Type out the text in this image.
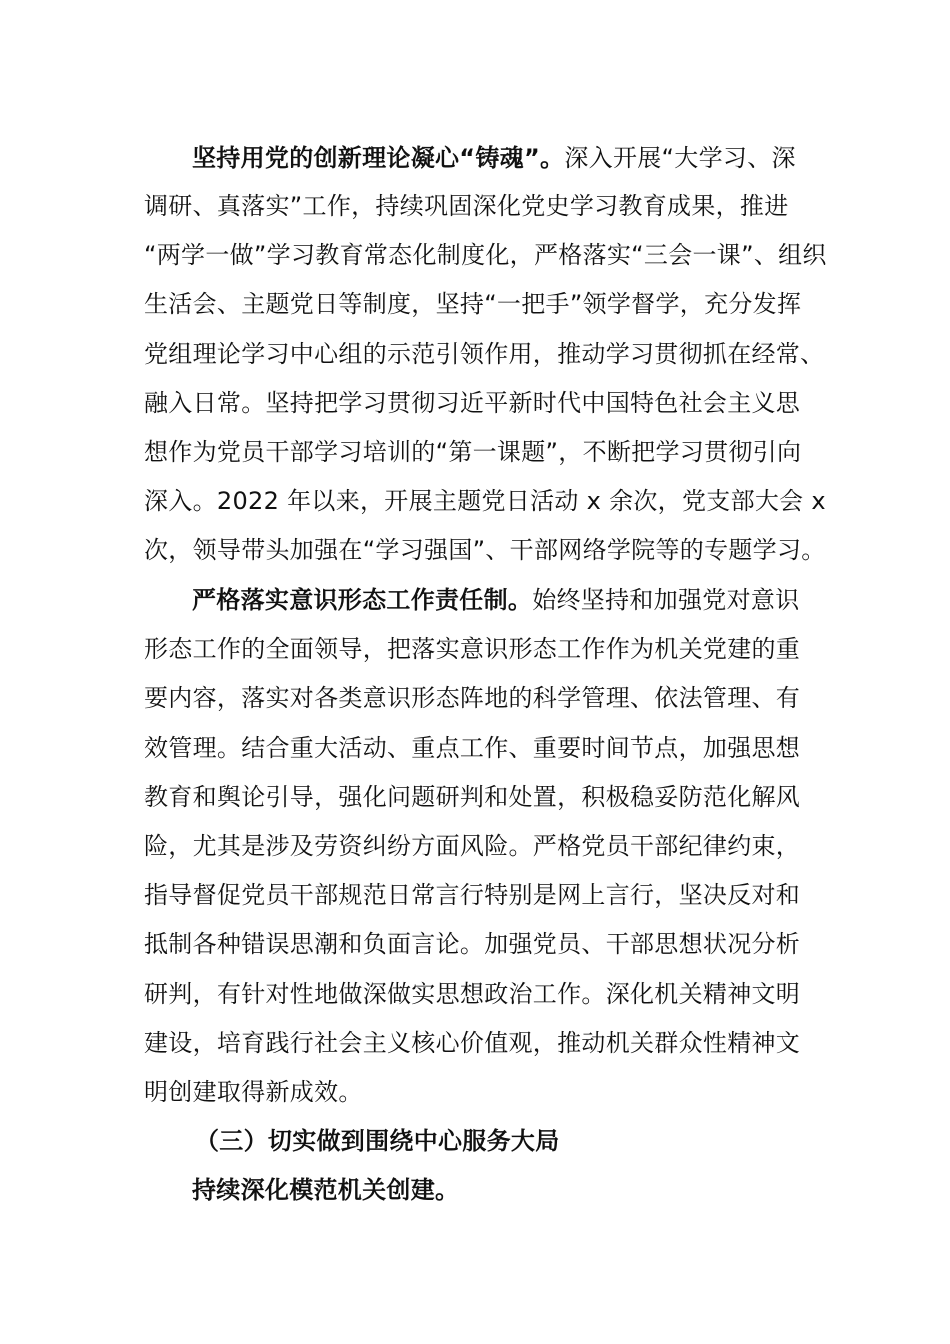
坚持用党的创新理论凝心“铸魂”。深入开展“大学习、深
调研、真落实”工作，持续巩固深化党史学习教育成果，推进
“两学一做”学习教育常态化制度化，严格落实“三会一课”、组织
生活会、主题党日等制度，坚持“一把手”领学督学，充分发挥
党组理论学习中心组的示范引领作用，推动学习贯彻抓在经常、
融入日常。坚持把学习贯彻习近平新时代中国特色社会主义思
想作为党员干部学习培训的“第一课题”，不断把学习贯彻引向
深入。2022 年以来，开展主题党日活动 x 余次，党支部大会 x
次，领导带头加强在“学习强国”、干部网络学院等的专题学习。
严格落实意识形态工作责任制。始终坚持和加强党对意识
形态工作的全面领导，把落实意识形态工作作为机关党建的重
要内容，落实对各类意识形态阵地的科学管理、依法管理、有
效管理。结合重大活动、重点工作、重要时间节点，加强思想
教育和舆论引导，强化问题研判和处置，积极稳妥防范化解风
险，尤其是涉及劳资纠纷方面风险。严格党员干部纪律约束，
指导督促党员干部规范日常言行特别是网上言行，坚决反对和
抵制各种错误思潮和负面言论。加强党员、干部思想状况分析
研判，有针对性地做深做实思想政治工作。深化机关精神文明
建设，培育践行社会主义核心价值观，推动机关群众性精神文
明创建取得新成效。
（三）切实做到围绕中心服务大局
持续深化模范机关创建。
